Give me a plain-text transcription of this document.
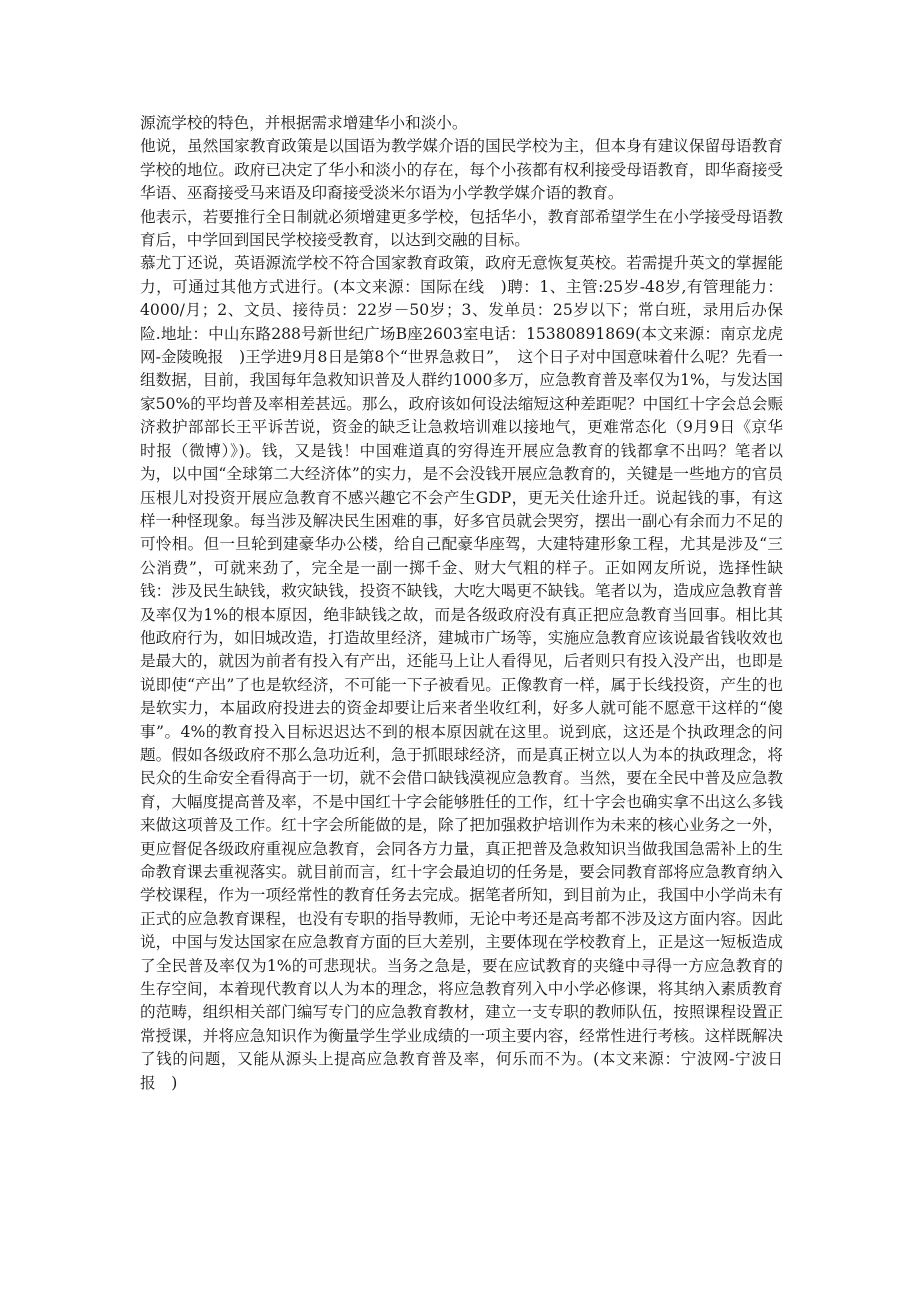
源流学校的特色，并根据需求增建华小和淡小。

他说，虽然国家教育政策是以国语为教学媒介语的国民学校为主，但本身有建议保留母语教育学校的地位。政府已决定了华小和淡小的存在，每个小孩都有权利接受母语教育，即华裔接受华语、巫裔接受马来语及印裔接受淡米尔语为小学教学媒介语的教育。

他表示，若要推行全日制就必须增建更多学校，包括华小，教育部希望学生在小学接受母语教育后，中学回到国民学校接受教育，以达到交融的目标。

慕尤丁还说，英语源流学校不符合国家教育政策，政府无意恢复英校。若需提升英文的掌握能力，可通过其他方式进行。(本文来源：国际在线　)聘：1、主管:25岁-48岁,有管理能力：4000/月；2、文员、接待员：22岁－50岁；3、发单员：25岁以下；常白班，录用后办保险.地址：中山东路288号新世纪广场B座2603室电话：15380891869(本文来源：南京龙虎网-金陵晚报　)王学进9月8日是第8个“世界急救日”，　这个日子对中国意味着什么呢？先看一组数据，目前，我国每年急救知识普及人群约1000多万，应急教育普及率仅为1%，与发达国家50%的平均普及率相差甚远。那么，政府该如何设法缩短这种差距呢？中国红十字会总会赈济救护部部长王平诉苦说，资金的缺乏让急救培训难以接地气，更难常态化（9月9日《京华时报（微博）》)。钱，又是钱！中国难道真的穷得连开展应急教育的钱都拿不出吗？笔者以为，以中国“全球第二大经济体”的实力，是不会没钱开展应急教育的，关键是一些地方的官员压根儿对投资开展应急教育不感兴趣它不会产生GDP，更无关仕途升迁。说起钱的事，有这样一种怪现象。每当涉及解决民生困难的事，好多官员就会哭穷，摆出一副心有余而力不足的可怜相。但一旦轮到建豪华办公楼，给自己配豪华座驾，大建特建形象工程，尤其是涉及“三公消费”，可就来劲了，完全是一副一掷千金、财大气粗的样子。正如网友所说，选择性缺钱：涉及民生缺钱，救灾缺钱，投资不缺钱，大吃大喝更不缺钱。笔者以为，造成应急教育普及率仅为1%的根本原因，绝非缺钱之故，而是各级政府没有真正把应急教育当回事。相比其他政府行为，如旧城改造，打造故里经济，建城市广场等，实施应急教育应该说最省钱收效也是最大的，就因为前者有投入有产出，还能马上让人看得见，后者则只有投入没产出，也即是说即使“产出”了也是软经济，不可能一下子被看见。正像教育一样，属于长线投资，产生的也是软实力，本届政府投进去的资金却要让后来者坐收红利，好多人就可能不愿意干这样的“傻事”。4%的教育投入目标迟迟达不到的根本原因就在这里。说到底，这还是个执政理念的问题。假如各级政府不那么急功近利，急于抓眼球经济，而是真正树立以人为本的执政理念，将民众的生命安全看得高于一切，就不会借口缺钱漠视应急教育。当然，要在全民中普及应急教育，大幅度提高普及率，不是中国红十字会能够胜任的工作，红十字会也确实拿不出这么多钱来做这项普及工作。红十字会所能做的是，除了把加强救护培训作为未来的核心业务之一外，更应督促各级政府重视应急教育，会同各方力量，真正把普及急救知识当做我国急需补上的生命教育课去重视落实。就目前而言，红十字会最迫切的任务是，要会同教育部将应急教育纳入学校课程，作为一项经常性的教育任务去完成。据笔者所知，到目前为止，我国中小学尚未有正式的应急教育课程，也没有专职的指导教师，无论中考还是高考都不涉及这方面内容。因此说，中国与发达国家在应急教育方面的巨大差别，主要体现在学校教育上，正是这一短板造成了全民普及率仅为1%的可悲现状。当务之急是，要在应试教育的夹缝中寻得一方应急教育的生存空间，本着现代教育以人为本的理念，将应急教育列入中小学必修课，将其纳入素质教育的范畴，组织相关部门编写专门的应急教育教材，建立一支专职的教师队伍，按照课程设置正常授课，并将应急知识作为衡量学生学业成绩的一项主要内容，经常性进行考核。这样既解决了钱的问题，又能从源头上提高应急教育普及率，何乐而不为。(本文来源：宁波网-宁波日报　)
